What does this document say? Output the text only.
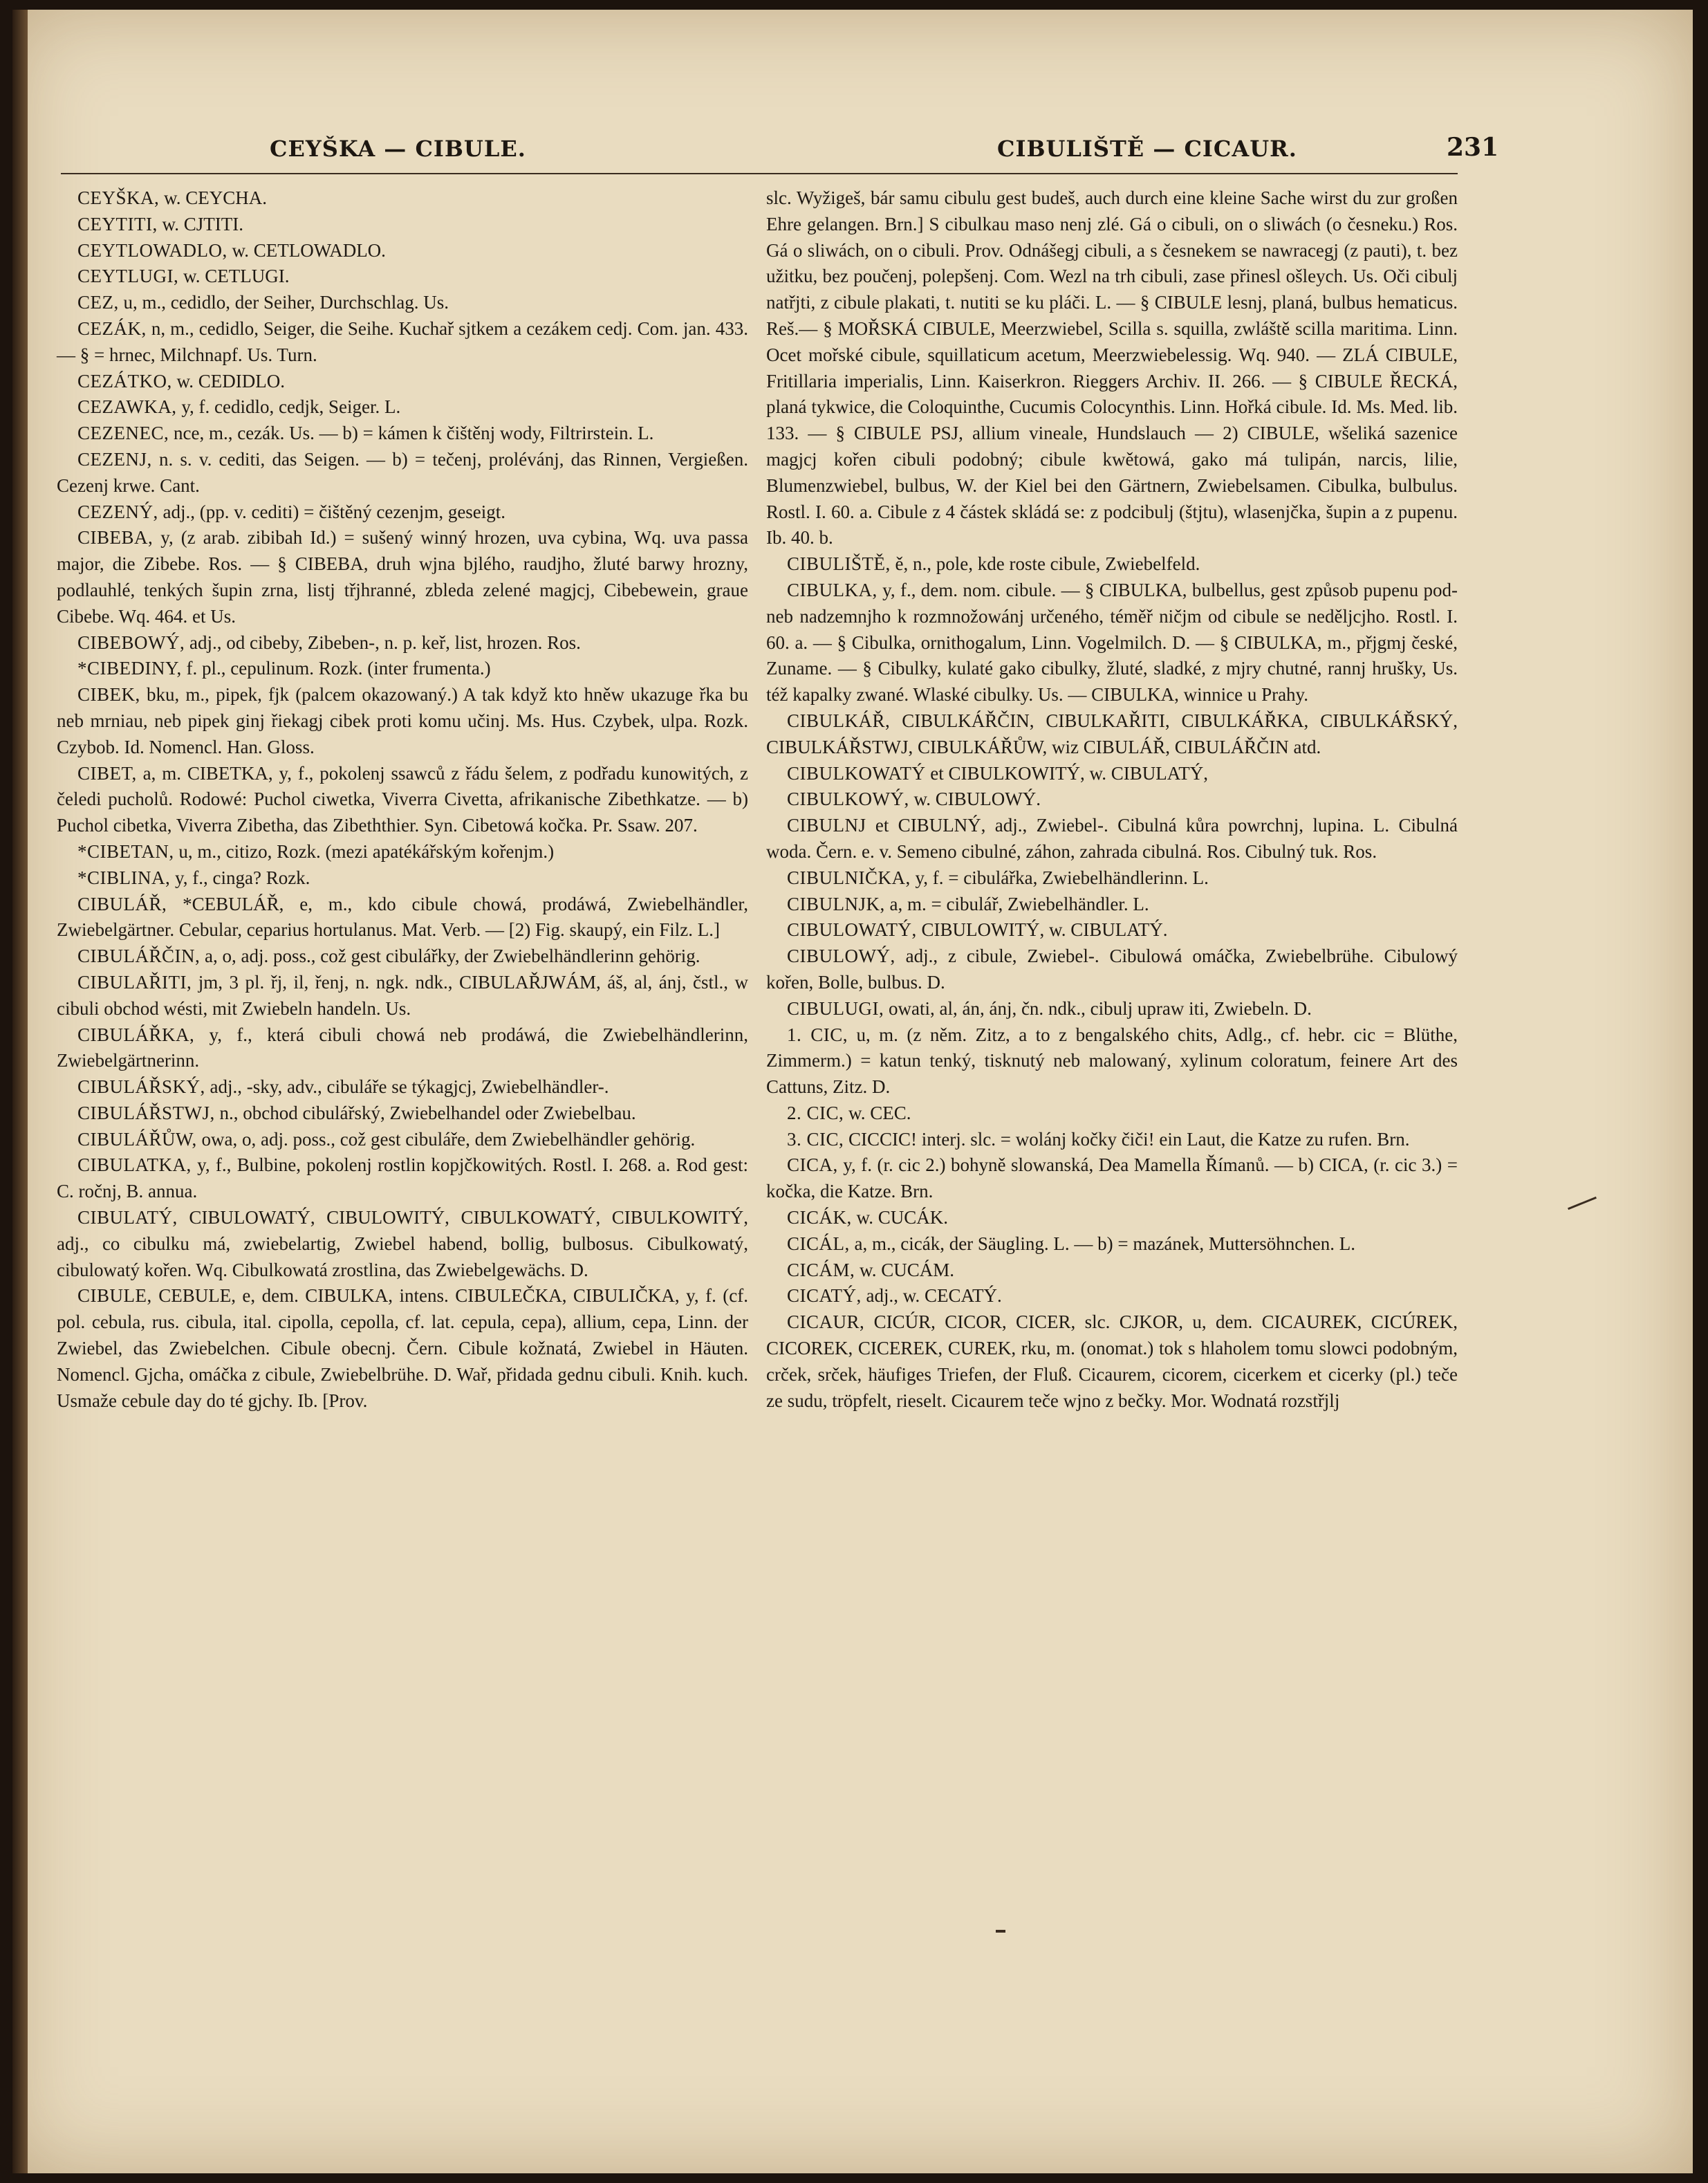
CEYŠKA — CIBULE.	CIBULIŠTĚ — CICAUR.	231

CEYŠKA, w. CEYCHA.

CEYTITI, w. CJTITI.

CEYTLOWADLO, w. CETLOWADLO.

CEYTLUGI, w. CETLUGI.

CEZ, u, m., cedidlo, der Seiher, Durchschlag. Us.

CEZÁK, n, m., cedidlo, Seiger, die Seihe. Kuchař sjtkem a cezákem cedj. Com. jan. 433. — § = hrnec, Milchnapf. Us. Turn.

CEZÁTKO, w. CEDIDLO.

CEZAWKA, y, f. cedidlo, cedjk, Seiger. L.

CEZENEC, nce, m., cezák. Us. — b) = kámen k čištěnj wody, Filtrirstein. L.

CEZENJ, n. s. v. cediti, das Seigen. — b) = tečenj, prolévánj, das Rinnen, Vergießen. Cezenj krwe. Cant.

CEZENÝ, adj., (pp. v. cediti) = čištěný cezenjm, geseigt.

CIBEBA, y, (z arab. zibibah Id.) = sušený winný hrozen, uva cybina, Wq. uva passa major, die Zibebe. Ros. — § CIBEBA, druh wjna bjlého, raudjho, žluté barwy hrozny, podlauhlé, tenkých šupin zrna, listj třjhranné, zbleda zelené magjcj, Cibebewein, graue Cibebe. Wq. 464. et Us.

CIBEBOWÝ, adj., od cibeby, Zibeben-, n. p. keř, list, hrozen. Ros.

*CIBEDINY, f. pl., cepulinum. Rozk. (inter frumenta.)

CIBEK, bku, m., pipek, fjk (palcem okazowaný.) A tak když kto hněw ukazuge řka bu neb mrniau, neb pipek ginj řiekagj cibek proti komu učinj. Ms. Hus. Czybek, ulpa. Rozk. Czybob. Id. Nomencl. Han. Gloss.

CIBET, a, m. CIBETKA, y, f., pokolenj ssawců z řádu šelem, z podřadu kunowitých, z čeledi pucholů. Rodowé: Puchol ciwetka, Viverra Civetta, afrikanische Zibethkatze. — b) Puchol cibetka, Viverra Zibetha, das Zibeththier. Syn. Cibetowá kočka. Pr. Ssaw. 207.

*CIBETAN, u, m., citizo, Rozk. (mezi apatékářským kořenjm.)

*CIBLINA, y, f., cinga? Rozk.

CIBULÁŘ, *CEBULÁŘ, e, m., kdo cibule chowá, prodáwá, Zwiebelhändler, Zwiebelgärtner. Cebular, ceparius hortulanus. Mat. Verb. — [2) Fig. skaupý, ein Filz. L.]

CIBULÁŘČIN, a, o, adj. poss., což gest cibulářky, der Zwiebelhändlerinn gehörig.

CIBULAŘITI, jm, 3 pl. řj, il, řenj, n. ngk. ndk., CIBULAŘJWÁM, áš, al, ánj, čstl., w cibuli obchod wésti, mit Zwiebeln handeln. Us.

CIBULÁŘKA, y, f., která cibuli chowá neb prodáwá, die Zwiebelhändlerinn, Zwiebelgärtnerinn.

CIBULÁŘSKÝ, adj., -sky, adv., cibuláře se týkagjcj, Zwiebelhändler-.

CIBULÁŘSTWJ, n., obchod cibulářský, Zwiebelhandel oder Zwiebelbau.

CIBULÁŘŮW, owa, o, adj. poss., což gest cibuláře, dem Zwiebelhändler gehörig.

CIBULATKA, y, f., Bulbine, pokolenj rostlin kopjčkowitých. Rostl. I. 268. a. Rod gest: C. ročnj, B. annua.

CIBULATÝ, CIBULOWATÝ, CIBULOWITÝ, CIBULKOWATÝ, CIBULKOWITÝ, adj., co cibulku má, zwiebelartig, Zwiebel habend, bollig, bulbosus. Cibulkowatý, cibulowatý kořen. Wq. Cibulkowatá zrostlina, das Zwiebelgewächs. D.

CIBULE, CEBULE, e, dem. CIBULKA, intens. CIBULEČKA, CIBULIČKA, y, f. (cf. pol. cebula, rus. cibula, ital. cipolla, cepolla, cf. lat. cepula, cepa), allium, cepa, Linn. der Zwiebel, das Zwiebelchen. Cibule obecnj. Čern. Cibule kožnatá, Zwiebel in Häuten. Nomencl. Gjcha, omáčka z cibule, Zwiebelbrühe. D. Wař, přidada gednu cibuli. Knih. kuch. Usmaže cebule day do té gjchy. Ib. [Prov.

slc. Wyžigeš, bár samu cibulu gest budeš, auch durch eine kleine Sache wirst du zur großen Ehre gelangen. Brn.] S cibulkau maso nenj zlé. Gá o cibuli, on o sliwách (o česneku.) Ros. Gá o sliwách, on o cibuli. Prov. Odnášegj cibuli, a s česnekem se nawracegj (z pauti), t. bez užitku, bez poučenj, polepšenj. Com. Wezl na trh cibuli, zase přinesl ošleych. Us. Oči cibulj natřjti, z cibule plakati, t. nutiti se ku pláči. L. — § CIBULE lesnj, planá, bulbus hematicus. Reš.— § MOŘSKÁ CIBULE, Meerzwiebel, Scilla s. squilla, zwláště scilla maritima. Linn. Ocet mořské cibule, squillaticum acetum, Meerzwiebelessig. Wq. 940. — ZLÁ CIBULE, Fritillaria imperialis, Linn. Kaiserkron. Rieggers Archiv. II. 266. — § CIBULE ŘECKÁ, planá tykwice, die Coloquinthe, Cucumis Colocynthis. Linn. Hořká cibule. Id. Ms. Med. lib. 133. — § CIBULE PSJ, allium vineale, Hundslauch — 2) CIBULE, wšeliká sazenice magjcj kořen cibuli podobný; cibule kwětowá, gako má tulipán, narcis, lilie, Blumenzwiebel, bulbus, W. der Kiel bei den Gärtnern, Zwiebelsamen. Cibulka, bulbulus. Rostl. I. 60. a. Cibule z 4 částek skládá se: z podcibulj (štjtu), wlasenjčka, šupin a z pupenu. Ib. 40. b.

CIBULIŠTĚ, ě, n., pole, kde roste cibule, Zwiebelfeld.

CIBULKA, y, f., dem. nom. cibule. — § CIBULKA, bulbellus, gest způsob pupenu pod- neb nadzemnjho k rozmnožowánj určeného, téměř ničjm od cibule se neděljcjho. Rostl. I. 60. a. — § Cibulka, ornithogalum, Linn. Vogelmilch. D. — § CIBULKA, m., přjgmj české, Zuname. — § Cibulky, kulaté gako cibulky, žluté, sladké, z mjry chutné, rannj hrušky, Us. též kapalky zwané. Wlaské cibulky. Us. — CIBULKA, winnice u Prahy.

CIBULKÁŘ, CIBULKÁŘČIN, CIBULKAŘITI, CIBULKÁŘKA, CIBULKÁŘSKÝ, CIBULKÁŘSTWJ, CIBULKÁŘŮW, wiz CIBULÁŘ, CIBULÁŘČIN atd.

CIBULKOWATÝ et CIBULKOWITÝ, w. CIBULATÝ,

CIBULKOWÝ, w. CIBULOWÝ.

CIBULNJ et CIBULNÝ, adj., Zwiebel-. Cibulná kůra powrchnj, lupina. L. Cibulná woda. Čern. e. v. Semeno cibulné, záhon, zahrada cibulná. Ros. Cibulný tuk. Ros.

CIBULNIČKA, y, f. = cibulářka, Zwiebelhändlerinn. L.

CIBULNJK, a, m. = cibulář, Zwiebelhändler. L.

CIBULOWATÝ, CIBULOWITÝ, w. CIBULATÝ.

CIBULOWÝ, adj., z cibule, Zwiebel-. Cibulowá omáčka, Zwiebelbrühe. Cibulowý kořen, Bolle, bulbus. D.

CIBULUGI, owati, al, án, ánj, čn. ndk., cibulj upraw iti, Zwiebeln. D.

1. CIC, u, m. (z něm. Zitz, a to z bengalského chits, Adlg., cf. hebr. cic = Blüthe, Zimmerm.) = katun tenký, tisknutý neb malowaný, xylinum coloratum, feinere Art des Cattuns, Zitz. D.

2. CIC, w. CEC.

3. CIC, CICCIC! interj. slc. = wolánj kočky čiči! ein Laut, die Katze zu rufen. Brn.

CICA, y, f. (r. cic 2.) bohyně slowanská, Dea Mamella Římanů. — b) CICA, (r. cic 3.) = kočka, die Katze. Brn.

CICÁK, w. CUCÁK.

CICÁL, a, m., cicák, der Säugling. L. — b) = mazánek, Muttersöhnchen. L.

CICÁM, w. CUCÁM.

CICATÝ, adj., w. CECATÝ.

CICAUR, CICÚR, CICOR, CICER, slc. CJKOR, u, dem. CICAUREK, CICÚREK, CICOREK, CICEREK, CUREK, rku, m. (onomat.) tok s hlaholem tomu slowci podobným, crček, srček, häufiges Triefen, der Fluß. Cicaurem, cicorem, cicerkem et cicerky (pl.) teče ze sudu, tröpfelt, rieselt. Cicaurem teče wjno z bečky. Mor. Wodnatá rozstřjlj
